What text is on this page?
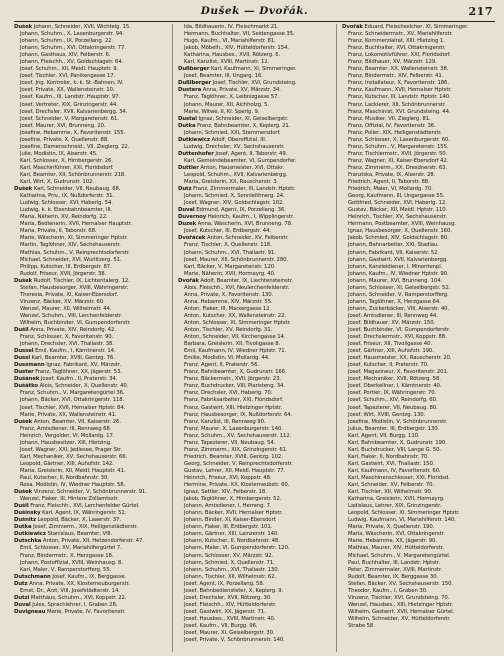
Dušek — Dvořák.	217
Dušek Johann, Schneider, XVII, Wichtelg. 15.
Johann, Schuhm., X, Laxenburgerstr. 94.
Johann, Schuhm., IX, Porzellang. 22.
Johann, Schuhm., XVI, Ottakringerstr. 77.
Johann, Gasthaus, XIV, Felberstr. 6.
Johann, Fleischh., XV, Goldschlagstr. 64.
Josef, Schuhm., XII, Meidl. Hauptstr. 9.
Josef, Tischler, XVI, Panikengasse 17.
Josef, Jng. Kontrolor, k. k. St.-Bahnen, IV.
Josef, Private, XX, Wallensteinstr. 10.
Josef, Kaufm., III, Landstr. Hauptstr. 97.
Josef, Vertreter, XIX, Grinzingerstr. 44.
Josef, Drechsler, XVII, Kalvarienbergg. 34.
Josef, Schneider, V, Margaretenstr. 61.
Josef, Maurer, XVI, Brunneng. 20.
Josefine, Hebamme, X, Favoritenstr. 155.
Josefine, Private, X, Quellenstr. 88.
Josefine, Damenschneid., VII, Zieglerg. 22.
Julie, Modistin, IX, Alserstr. 45.
Karl, Schlosser, X, Himbergerstr. 26.
Karl, Maschinführer, XXI, Floridsdorf.
Karl, Beamter, XII, Schönbrunnerstr. 218.
Karl, Wirt, X, Gudrunstr. 102.
Dušek Karl, Schneider, VII, Neubaug. 68.
Katharina, Priv., IX, Nußdorferstr. 31.
Ludwig, Schlosser, XVI, Haberlg. 54.
Ludwig, k. k. Eisenbahnbeamter, III.
Maria, Näherin, XV, Reindorfg. 22.
Maria, Bedienerin, XVII, Hernalser Hauptstr.
Maria, Private, II, Taborstr. 68.
Marie, Wäscherin, XI, Simmeringer Hptstr.
Martin, Taglöhner, XIV, Sechshauserstr.
Mathias, Schuhm., V, Reinprechtsdorferstr.
Michael, Schneider, XVI, Wurlitzerg. 51.
Philipp, Kutscher, III, Erdbergstr. 87.
Rudolf, Friseur, XVII, Jörgerstr. 38.
Dušek Rudolf, Tischler, IX, Lichtentalerg. 12.
Stefan, Hausbesorger, XVIII, Währingerstr.
Theresia, Private, XI, Kaiser-Ebersdorf.
Vinzenz, Bäcker, XV, Märzstr. 60.
Wenzel, Maurer, XII, Wilhelmstr. 44.
Wenzel, Schuhm., VIII, Lerchenfelderstr.
Wilhelm, Buchbinder, VI, Gumpendorferstr.
Dušil Anna, Private, XIV, Reindorfg. 42.
Franz, Schlosser, X, Favoritenstr. 90.
Johann, Drechsler, XVI, Thaliastr. 38.
Dussel Emil, Kaufm., I, Kärntnerstr. 14.
Dussl Karl, Beamter, XVIII, Gentzg. 76.
Dussmann Ignaz, Fabrikant, XV, Märzstr.
Duster Franz, Taglöhner, XX, Jägerstr. 53.
Dušánek Josef, Kaufm., II, Praterstr. 34.
Dušátko Alois, Schneider, X, Quellenstr. 40.
Franz, Schuhm., V, Margaretengürtel 36.
Johann, Bäcker, XVI, Ottakringerstr. 118.
Josef, Tischler, XVII, Hernalser Hptstr. 84.
Marie, Private, XX, Wallensteinstr. 41.
Dušek Anton, Beamter, VII, Kaiserstr. 26.
Franz, Amtsdiener, III, Rennweg 68.
Heinrich, Vergolder, VI, Mollardg. 17.
Johann, Hausbesitzer, XIII, Hietzing.
Josef, Wagner, XXI, Jedlesee, Prager Str.
Karl, Mechaniker, XV, Sechshauserstr. 66.
Leopold, Gärtner, XIII, Auhofstr. 142.
Maria, Greislerin, XII, Meidl. Hauptstr. 41.
Paul, Kutscher, II, Nordbahnstr. 30.
Rosa, Modistin, IV, Wiedner Hauptstr. 58.
Dušek Vinzenz, Schneider, V, Schönbrunnerstr. 91.
Wenzel, Fiaker, III, Hintere Zollamtsstr.
Dušil Franz, Fleischh., XVI, Lerchenfelder Gürtel.
Dušinsky Karl, Agent, IX, Währingerstr. 52.
Dušnitz Leopold, Bäcker, X, Laaerstr. 37.
Dutka Josef, Zimmerm., XIX, Heiligenstädterstr.
Dutkiewicz Stanislaus, Beamter, VIII.
Dutschka Anton, Private, XII, Hetzendorferstr. 47.
Emil, Schlosser, XV, Mariahilfergürtel 7.
Franz, Bindermstr., X, Herzgasse 18.
Johann, Postoffizial, XVIII, Weinhausg. 8.
Karl, Maler, V, Ramperstorfferg. 55.
Dutschmann Josef, Kaufm., IX, Berggasse.
Dutz Anna, Private, XX, Klosterneuburgerstr.
Ernst, Dr., Arzt, VIII, Josefstädterstr. 14.
Dutzi Matthäus, Schuhm., XVI, Koppstr. 22.
Duval Jules, Sprachlehrer, I, Graben 28.
Duvigneau Marie, Private, IV, Favoritenstr.
Ida, Bildhauerin, IV, Fleischmarkt 21.
Hermann, Buchhalter, VII, Seidengasse 35.
Hugo, Kaufm., VI, Mariahilferstr. 81.
Jakob, Möbelh., XIV, Hütteldorferstr. 154.
Katharina, Hausbes., XVII, Rötzerg. 6.
Karl, Kanzlist, XVIII, Martinstr. 12.
Dußberger Karl, Kaufmann, XI, Simmeringer.
Josef, Beamter, III, Ungarg. 16.
Dußlberger Josef, Tischler, XVI, Grundsteing.
Dustera Anna, Private, XV, Märzstr. 34.
Franz, Taglöhner, X, Leibnizgasse 57.
Johann, Maurer, XII, Aichholzg. 5.
Marie, Witwe, II, Kl. Sperlg. 9.
Dustal Ignaz, Schneider, XI, Geiselbergstr.
Dutka Franz, Bahnbeamter, X, Keplerg. 21.
Johann, Schmied, XXI, Stammersdorf.
Dutkiewicz Adolf, Oberoffizial, III.
Ludwig, Drechsler, XV, Sechshauserstr.
Duttenhofer Josef, Agent, II, Taborstr. 49.
Karl, Gemeindebeamter, VI, Gumpendorfer.
Duttler Anton, Hausmeister, XVI, Ottakr.
Leopold, Schuhm., XVII, Kalvarienbergg.
Maria, Greislerin, XX, Rauscherstr. 3.
Dutz Franz, Zimmermaler, III, Landstr. Hptstr.
Johann, Schmied, X, Sonnleithnerg. 24.
Josef, Wagner, XIV, Goldschlagstr. 102.
Duval Edmund, Agent, IX, Porzellang. 36.
Duvernoy Heinrich, Kaufm., I, Wipplingerstr.
Duzek Anna, Wäscherin, XVI, Brunneng. 78.
Josef, Kutscher, III, Erdbergstr. 44.
Dvořáček Anton, Schneider, XV, Felberstr.
Franz, Tischler, X, Quellenstr. 118.
Johann, Schuhm., XVI, Thaliastr. 91.
Josef, Maurer, XII, Schönbrunnerstr. 280.
Karl, Bäcker, V, Margaretenstr. 120.
Marie, Näherin, XVII, Hormayrg. 40.
Dvořák Adolf, Beamter, IX, Liechtensteinstr.
Alois, Fleischh., XVI, Neulerchenfelderstr.
Anna, Private, X, Favoritenstr. 130.
Anna, Hebamme, XIV, Märzstr. 55.
Anton, Fiaker, III, Marxergasse 12.
Anton, Kutscher, XX, Wallensteinstr. 22.
Anton, Schlosser, XI, Simmeringer Hptstr.
Anton, Tischler, XV, Reindorfg. 31.
Anton, Schneider, VII, Kirchengasse 14.
Barbara, Greislerin, XII, Tivoligasse 8.
Emil, Kaufmann, IV, Wiedner Hptstr. 71.
Emilie, Modistin, VI, Mollardg. 44.
Franz, Agent, II, Praterstr. 56.
Franz, Bahnbeamter, X, Gudrunstr. 166.
Franz, Bäckermstr., XVII, Jörgerstr. 23.
Franz, Buchdrucker, VIII, Piaristeng. 34.
Franz, Drechsler, XVI, Haberlg. 70.
Franz, Fabriksarbeiter, XXI, Floridsdorf.
Franz, Gastwirt, XIII, Hietzinger Hptstr.
Franz, Hausbesorger, IX, Nußdorferstr. 64.
Franz, Kanzlist, III, Rennweg 90.
Franz, Maurer, X, Laxenburgerstr. 140.
Franz, Schuhm., XV, Sechshauserstr. 112.
Franz, Tapezierer, VII, Neubaug. 54.
Franz, Zimmerm., XIX, Grinzingerstr. 61.
Friedrich, Beamter, XVIII, Gentzg. 102.
Georg, Schneider, V, Reinprechtsdorferstr.
Gustav, Lehrer, XII, Meidl. Hauptstr. 77.
Heinrich, Friseur, XVI, Koppstr. 48.
Hermine, Private, XX, Klosterneubstr. 60.
Ignaz, Sattler, XIV, Felberstr. 18.
Jakob, Taglöhner, X, Himbergerstr. 52.
Johann, Amtsdiener, I, Herreng. 7.
Johann, Bäcker, XVII, Hernalser Hptstr.
Johann, Binder, XI, Kaiser-Ebersdorf.
Johann, Fiaker, III, Erdbergstr. 101.
Johann, Gärtner, XIII, Lainzerstr. 140.
Johann, Kutscher, II, Nordbahnstr. 48.
Johann, Maler, VI, Gumpendorferstr. 120.
Johann, Schlosser, XV, Märzstr. 92.
Johann, Schmied, X, Quellenstr. 71.
Johann, Schuhm., XVI, Thaliastr. 130.
Johann, Tischler, XII, Wilhelmstr. 62.
Josef, Agent, IX, Porzellang. 58.
Josef, Bahnbediensteter, X, Keplerg. 9.
Josef, Drechsler, XVII, Rötzerg. 30.
Josef, Fleischh., XIV, Hütteldorferstr.
Josef, Gastwirt, XX, Jägerstr. 71.
Josef, Hausbes., XVIII, Martinstr. 40.
Josef, Kaufm., VII, Burgg. 96.
Josef, Maurer, XI, Geiselbergstr. 30.
Josef, Private, V, Schönbrunnerstr. 140.
Dvořák Eduard, Fleischselcher, XI, Simmeringer.
Franz, Schneidermstr., XV, Mariahilferstr.
Franz, Kommerzialrat, XIII, Hietzing 1.
Franz, Buchhalter, XVI, Ottakringerstr.
Franz, Lokomotivführer, XXI, Floridsdorf.
Franz, Bildhauer, XV, Märzstr. 129.
Franz, Beamter, XX, Wallensteinstr. 38.
Franz, Bindermstr., XIV, Felberstr. 41.
Franz, Installateur, X, Favoritenstr. 186.
Franz, Kaufmann, XVII, Hernalser Hptstr.
Franz, Kutscher, III, Landstr. Hptstr. 140.
Franz, Lackierer, XII, Schönbrunnerstr.
Franz, Maschinist, XVI, Grundsteing. 44.
Franz, Musiker, VII, Zieglerg. 81.
Franz, Offizial, IV, Favoritenstr. 36.
Franz, Polier, XIX, Heiligenstädterstr.
Franz, Schlosser, X, Laxenburgerstr. 60.
Franz, Schuhm., V, Margaretenstr. 155.
Franz, Tischlermstr., XVII, Jörgerstr. 50.
Franz, Wagner, XI, Kaiser-Ebersdorf 42.
Franz, Zimmerm., XX, Dresdnerstr. 63.
Franziska, Private, IX, Alserstr. 28.
Friedrich, Agent, II, Taborstr. 88.
Friedrich, Maler, VI, Mollardg. 70.
Georg, Kaufmann, III, Ungargasse 55.
Gottfried, Schneider, XVI, Haberlg. 12.
Gustav, Bäcker, XII, Meidl. Hptstr. 110.
Heinrich, Tischler, XV, Sechshauserstr.
Hermann, Postbeamter, XVIII, Weinhausg.
Ignaz, Hausbesorger, X, Quellenstr. 160.
Jakob, Schmied, XIV, Goldschlagstr. 80.
Johann, Bahnarbeiter, XXI, Stadlau.
Johann, Fabrikant, VII, Kaiserstr. 52.
Johann, Gastwirt, XVII, Kalvarienbergg.
Johann, Kanzleidiener, I, Minoritenpl.
Johann, Kaufm., IV, Wiedner Hptstr. 90.
Johann, Maurer, XVI, Brunneng. 104.
Johann, Schlosser, XI, Geiselbergstr. 52.
Johann, Schneider, V, Ramperstorfferg.
Johann, Taglöhner, X, Herzgasse 64.
Johann, Zuckerbäcker, VIII, Alserstr. 40.
Josef, Amtsdiener, III, Rennweg 44.
Josef, Bildhauer, XV, Märzstr. 150.
Josef, Buchbinder, VI, Gumpendorferstr.
Josef, Drechslermstr., XVI, Koppstr. 88.
Josef, Friseur, XII, Tivoligasse 40.
Josef, Gärtner, XIII, Auhofstr. 190.
Josef, Hausmeister, XX, Rauscherstr. 20.
Josef, Kutscher, II, Praterstr. 70.
Josef, Magazineur, X, Favoritenstr. 201.
Josef, Mechaniker, XVII, Rötzerg. 58.
Josef, Oberkellner, I, Kärntnerstr. 40.
Josef, Portier, IX, Währingerstr. 70.
Josef, Schuhm., XIV, Reindorfg. 60.
Josef, Tapezierer, VII, Neubaug. 80.
Josef, Wirt, XVIII, Gentzg. 130.
Josefine, Modistin, V, Schönbrunnerstr.
Julius, Beamter, III, Erdbergstr. 130.
Karl, Agent, VII, Burgg. 110.
Karl, Bahnbeamter, X, Gudrunstr. 190.
Karl, Buchdrucker, VIII, Lange G. 50.
Karl, Fiaker, II, Nordbahnstr. 70.
Karl, Gastwirt, XVI, Thaliastr. 150.
Karl, Kaufmann, IV, Favoritenstr. 60.
Karl, Maschinenschlosser, XXI, Floridsd.
Karl, Schneider, XV, Felberstr. 70.
Karl, Tischler, XII, Wilhelmstr. 90.
Katharina, Greislerin, XVII, Hormayrg.
Ladislaus, Lehrer, XIX, Grinzingerstr.
Leopold, Schlosser, XI, Simmeringer Hptstr.
Ludwig, Kaufmann, VI, Mariahilferstr. 140.
Maria, Private, X, Quellenstr. 190.
Maria, Wäscherin, XVI, Ottakringerstr.
Marie, Hebamme, XX, Jägerstr. 90.
Mathias, Maurer, XIV, Hütteldorferstr.
Michael, Schuhm., V, Margaretengürtel.
Paul, Buchhalter, III, Landstr. Hptstr.
Peter, Zimmermaler, XVIII, Martinstr.
Rudolf, Beamter, IX, Berggasse 30.
Stefan, Bäcker, XV, Sechshauserstr. 150.
Theodor, Kaufm., I, Graben 30.
Vinzenz, Tischler, XVI, Grundsteing. 70.
Wenzel, Hausbes., XIII, Hietzinger Hptstr.
Wilhelm, Gastwirt, XVII, Hernalser Gürtel.
Wilhelm, Schneider, XV, Hütteldorferstr.
Strabe 58.
